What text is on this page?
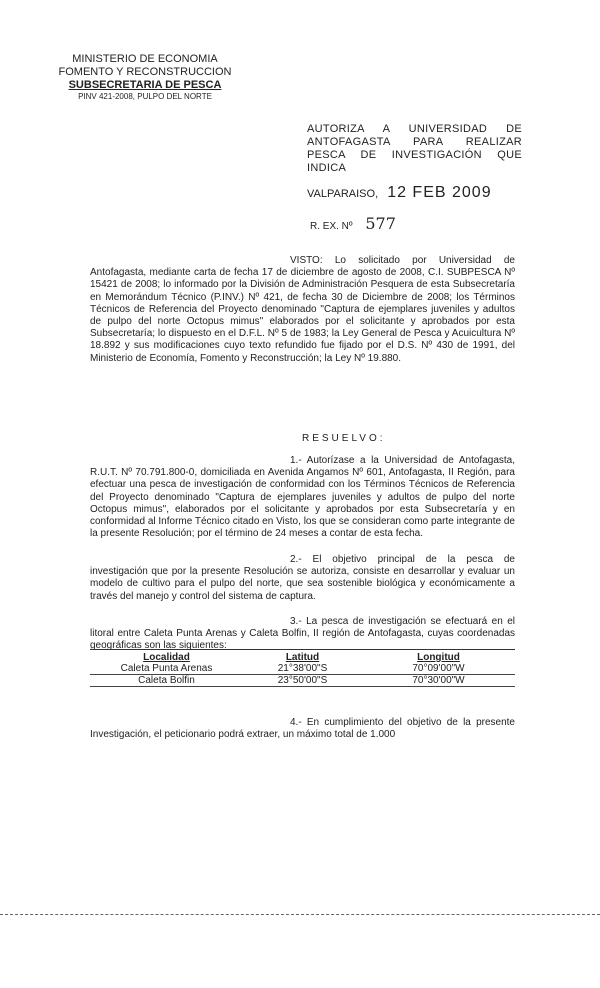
MINISTERIO DE ECONOMIA
FOMENTO Y RECONSTRUCCION
SUBSECRETARIA DE PESCA
PINV 421-2008, PULPO DEL NORTE
AUTORIZA A UNIVERSIDAD DE ANTOFAGASTA PARA REALIZAR PESCA DE INVESTIGACIÓN QUE INDICA
VALPARAISO, 12 FEB 2009
R. EX. Nº 577
VISTO: Lo solicitado por Universidad de Antofagasta, mediante carta de fecha 17 de diciembre de agosto de 2008, C.I. SUBPESCA Nº 15421 de 2008; lo informado por la División de Administración Pesquera de esta Subsecretaría en Memorándum Técnico (P.INV.) Nº 421, de fecha 30 de Diciembre de 2008; los Términos Técnicos de Referencia del Proyecto denominado "Captura de ejemplares juveniles y adultos de pulpo del norte Octopus mimus" elaborados por el solicitante y aprobados por esta Subsecretaría; lo dispuesto en el D.F.L. Nº 5 de 1983; la Ley General de Pesca y Acuicultura Nº 18.892 y sus modificaciones cuyo texto refundido fue fijado por el D.S. Nº 430 de 1991, del Ministerio de Economía, Fomento y Reconstrucción; la Ley Nº 19.880.
RESUELVO:
1.- Autorízase a la Universidad de Antofagasta, R.U.T. Nº 70.791.800-0, domiciliada en Avenida Angamos Nº 601, Antofagasta, II Región, para efectuar una pesca de investigación de conformidad con los Términos Técnicos de Referencia del Proyecto denominado "Captura de ejemplares juveniles y adultos de pulpo del norte Octopus mimus", elaborados por el solicitante y aprobados por esta Subsecretaría y en conformidad al Informe Técnico citado en Visto, los que se consideran como parte integrante de la presente Resolución; por el término de 24 meses a contar de esta fecha.
2.- El objetivo principal de la pesca de investigación que por la presente Resolución se autoriza, consiste en desarrollar y evaluar un modelo de cultivo para el pulpo del norte, que sea sostenible biológica y económicamente a través del manejo y control del sistema de captura.
3.- La pesca de investigación se efectuará en el litoral entre Caleta Punta Arenas y Caleta Bolfin, II región de Antofagasta, cuyas coordenadas geográficas son las siguientes:
Localidad	Latitud	Longitud
Caleta Punta Arenas	21°38'00"S	70°09'00"W
Caleta Bolfin	23°50'00"S	70°30'00"W
4.- En cumplimiento del objetivo de la presente Investigación, el peticionario podrá extraer, un máximo total de 1.000
